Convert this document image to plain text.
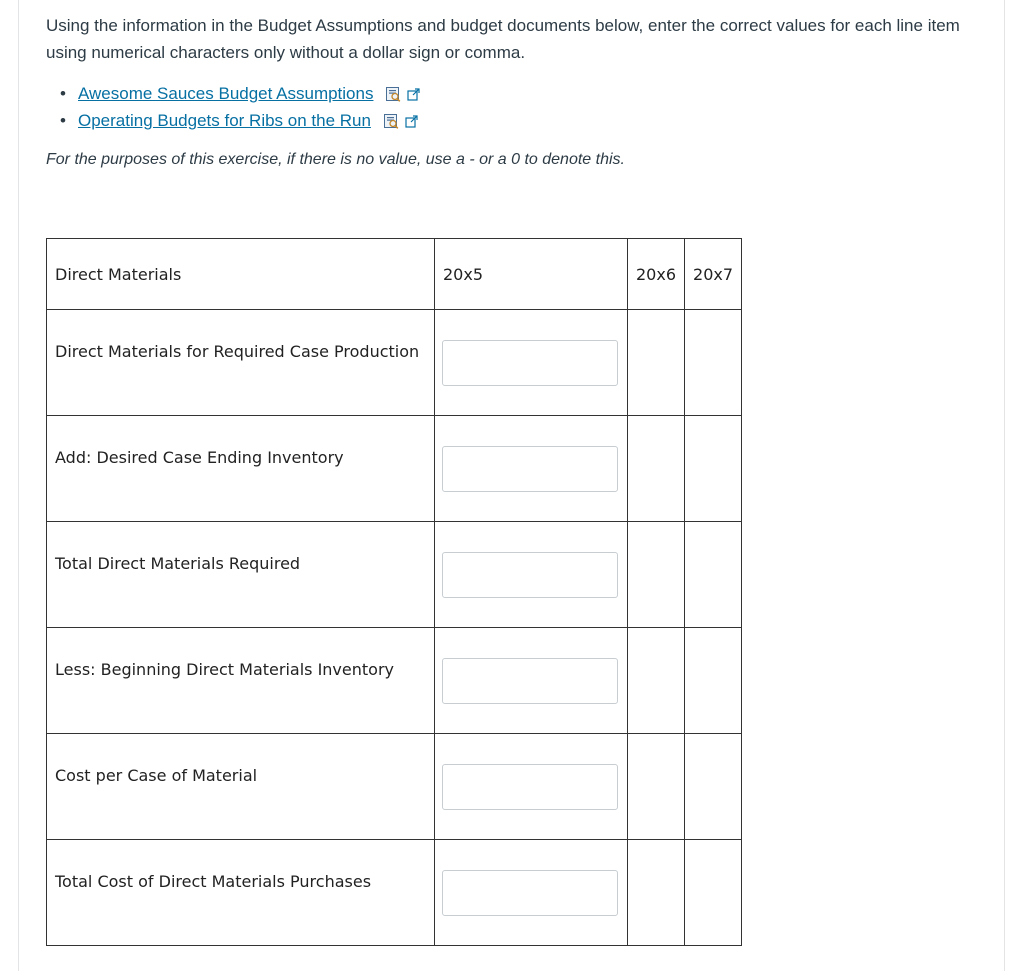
Using the information in the Budget Assumptions and budget documents below, enter the correct values for each line item using numerical characters only without a dollar sign or comma.

• Awesome Sauces Budget Assumptions
• Operating Budgets for Ribs on the Run

For the purposes of this exercise, if there is no value, use a - or a 0 to denote this.

Direct Materials	20x5	20x6	20x7
Direct Materials for Required Case Production	

Add: Desired Case Ending Inventory	

Total Direct Materials Required	

Less: Beginning Direct Materials Inventory	

Cost per Case of Material	

Total Cost of Direct Materials Purchases	
